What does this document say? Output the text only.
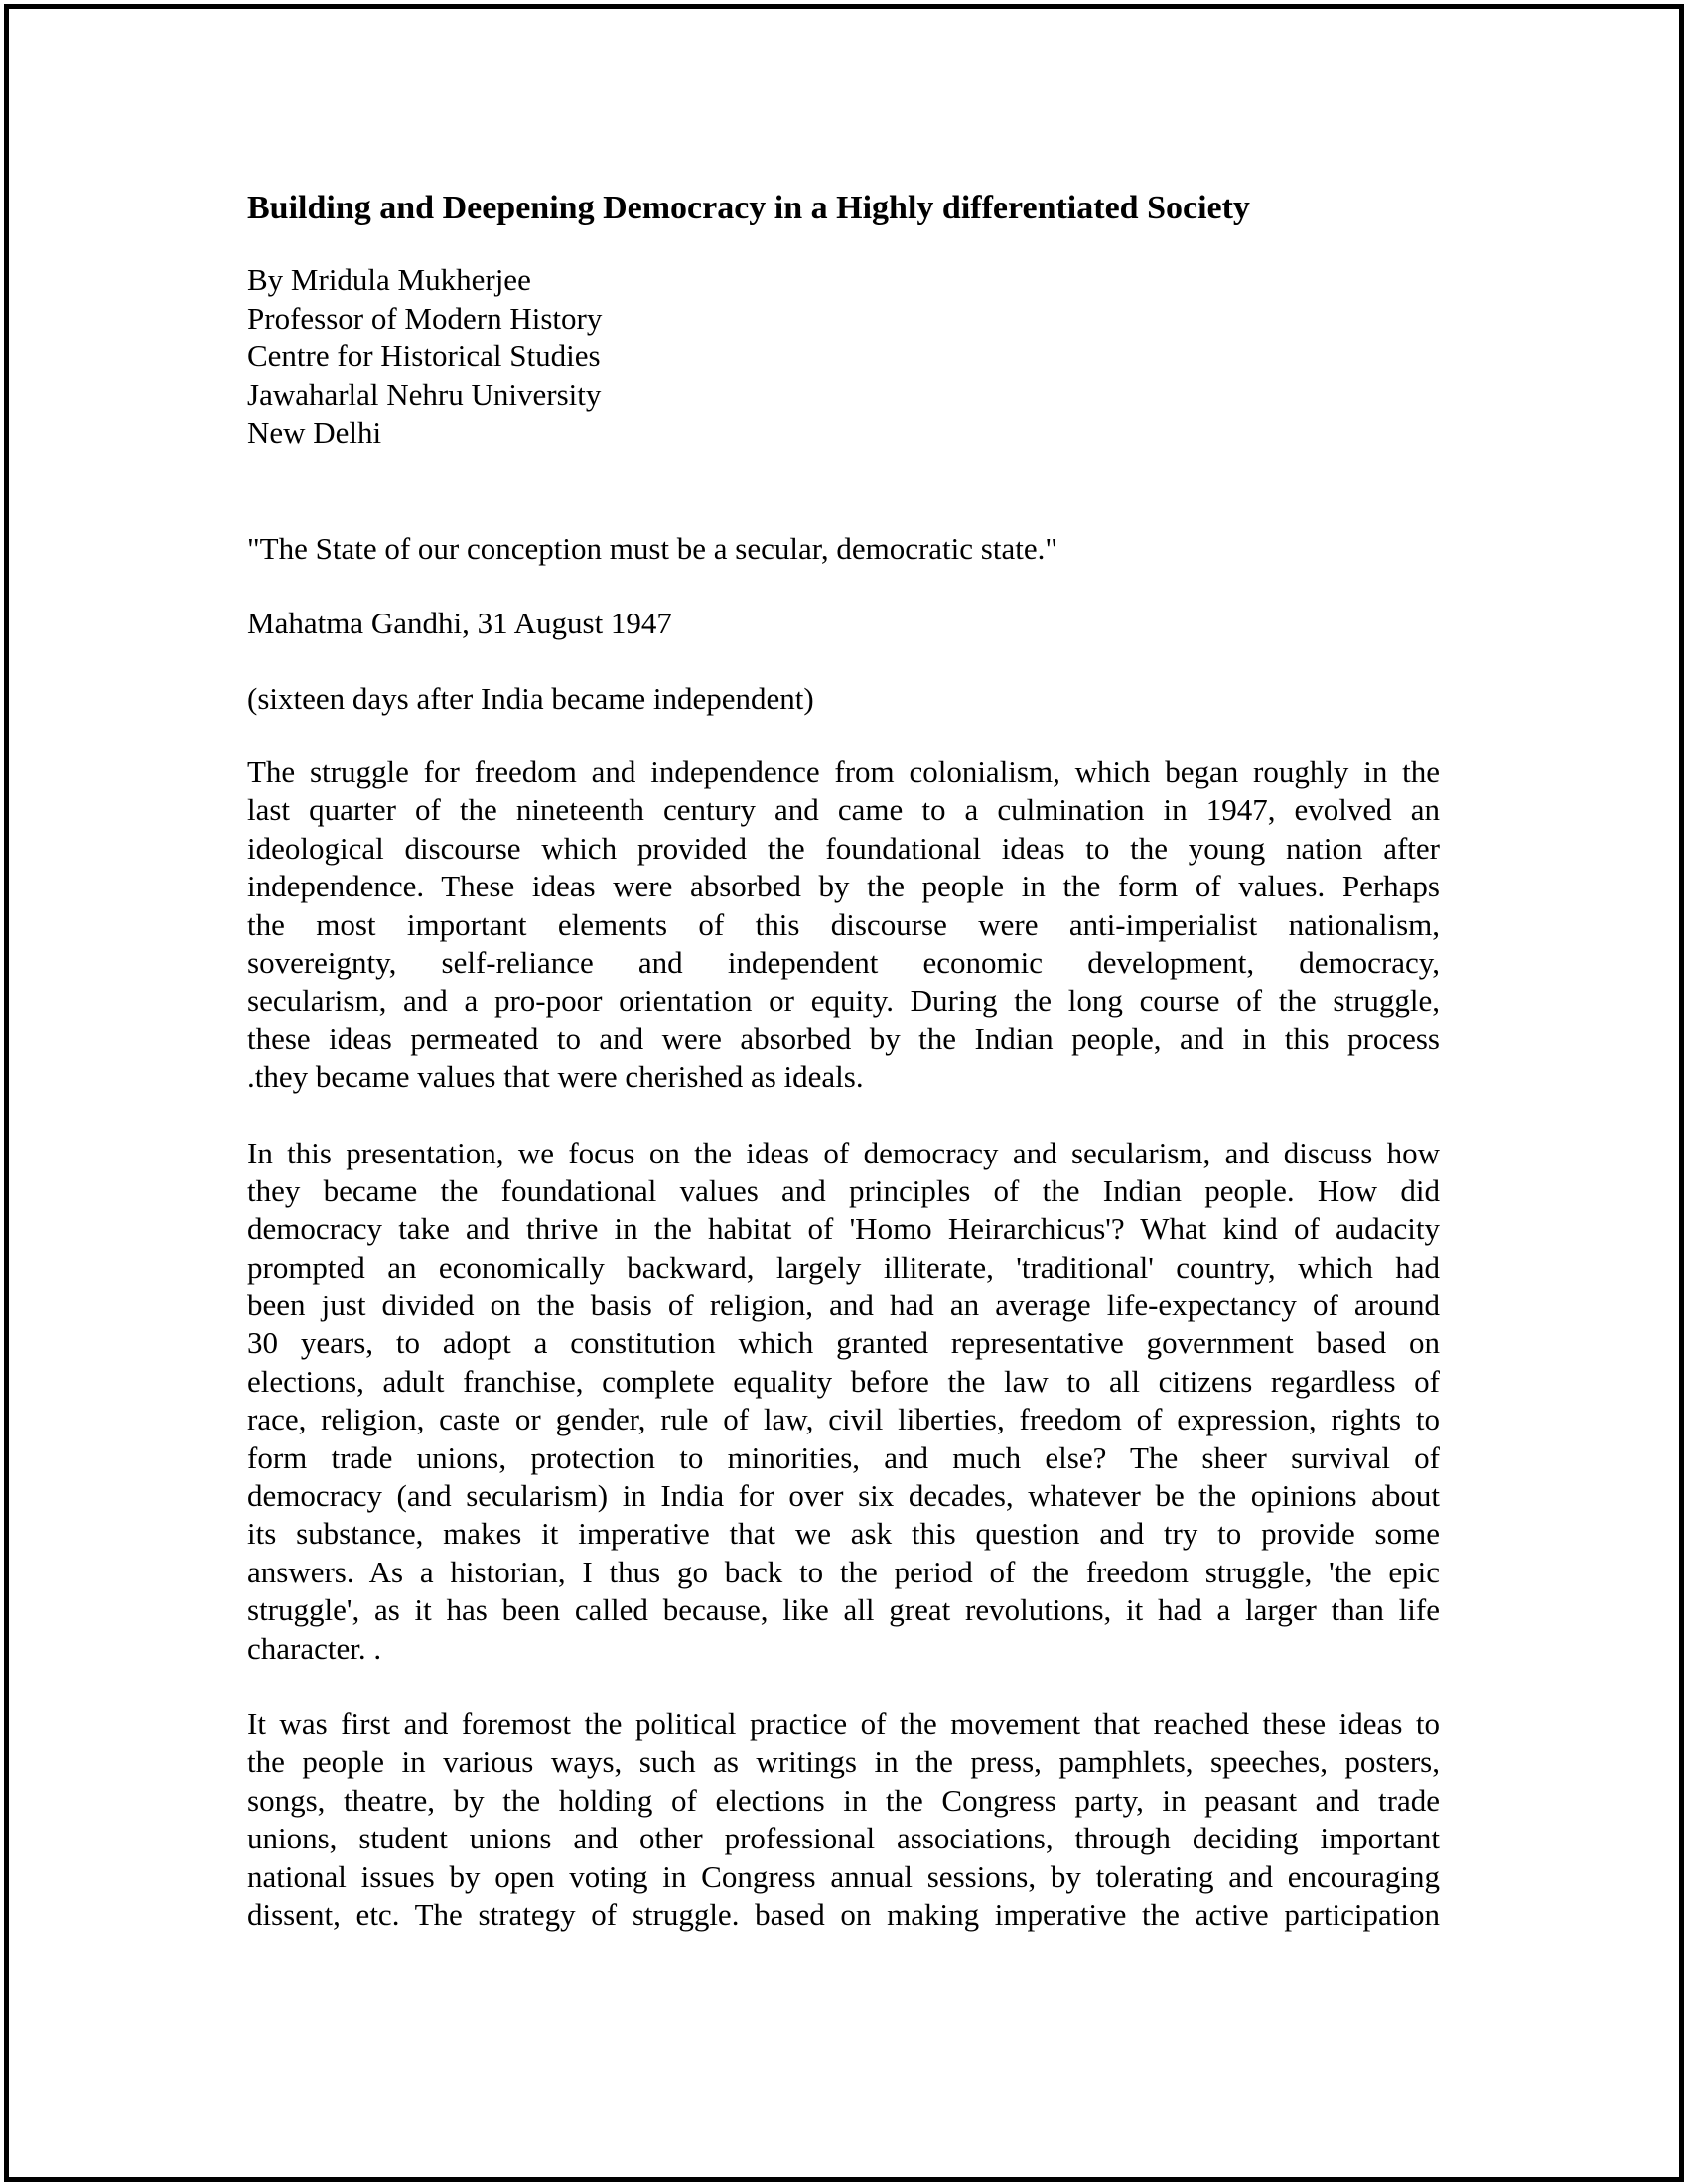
Building and Deepening Democracy in a Highly differentiated Society
By Mridula Mukherjee
Professor of Modern History
Centre for Historical Studies
Jawaharlal Nehru University
New Delhi
"The State of our conception must be a secular, democratic state."
Mahatma Gandhi, 31 August 1947
(sixteen days after India became independent)

The struggle for freedom and independence from colonialism, which began roughly in the
last quarter of the nineteenth century and came to a culmination in 1947, evolved an
ideological discourse which provided the foundational ideas to the young nation after
independence. These ideas were absorbed by the people in the form of values. Perhaps
the most important elements of this discourse were anti-imperialist nationalism,
sovereignty, self-reliance and independent economic development, democracy,
secularism, and a pro-poor orientation or equity. During the long course of the struggle,
these ideas permeated to and were absorbed by the Indian people, and in this process
.they became values that were cherished as ideals.

In this presentation, we focus on the ideas of democracy and secularism, and discuss how
they became the foundational values and principles of the Indian people. How did
democracy take and thrive in the habitat of 'Homo Heirarchicus'? What kind of audacity
prompted an economically backward, largely illiterate, 'traditional' country, which had
been just divided on the basis of religion, and had an average life-expectancy of around
30 years, to adopt a constitution which granted representative government based on
elections, adult franchise, complete equality before the law to all citizens regardless of
race, religion, caste or gender, rule of law, civil liberties, freedom of expression, rights to
form trade unions, protection to minorities, and much else? The sheer survival of
democracy (and secularism) in India for over six decades, whatever be the opinions about
its substance, makes it imperative that we ask this question and try to provide some
answers. As a historian, I thus go back to the period of the freedom struggle, 'the epic
struggle', as it has been called because, like all great revolutions, it had a larger than life
character. .

It was first and foremost the political practice of the movement that reached these ideas to
the people in various ways, such as writings in the press, pamphlets, speeches, posters,
songs, theatre, by the holding of elections in the Congress party, in peasant and trade
unions, student unions and other professional associations, through deciding important
national issues by open voting in Congress annual sessions, by tolerating and encouraging
dissent, etc. The strategy of struggle. based on making imperative the active participation
